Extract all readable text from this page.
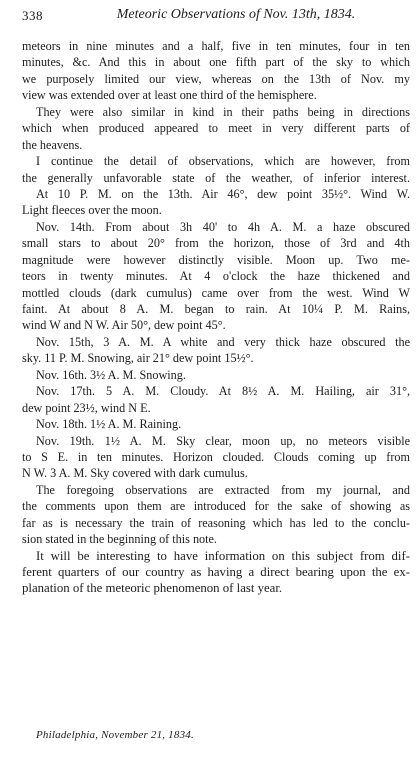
338	Meteoric Observations of Nov. 13th, 1834.
meteors in nine minutes and a half, five in ten minutes, four in ten
minutes, &c. And this in about one fifth part of the sky to which
we purposely limited our view, whereas on the 13th of Nov. my
view was extended over at least one third of the hemisphere.
They were also similar in kind in their paths being in directions
which when produced appeared to meet in very different parts of
the heavens.
I continue the detail of observations, which are however, from
the generally unfavorable state of the weather, of inferior interest.
At 10 P. M. on the 13th. Air 46°, dew point 35½°. Wind W.
Light fleeces over the moon.
Nov. 14th. From about 3h 40' to 4h A. M. a haze obscured
small stars to about 20° from the horizon, those of 3rd and 4th
magnitude were however distinctly visible. Moon up. Two me-
teors in twenty minutes. At 4 o'clock the haze thickened and
mottled clouds (dark cumulus) came over from the west. Wind W
faint. At about 8 A. M. began to rain. At 10¼ P. M. Rains,
wind W and N W. Air 50°, dew point 45°.
Nov. 15th, 3 A. M. A white and very thick haze obscured the
sky. 11 P. M. Snowing, air 21° dew point 15½°.
Nov. 16th. 3½ A. M. Snowing.
Nov. 17th. 5 A. M. Cloudy. At 8½ A. M. Hailing, air 31°,
dew point 23½, wind N E.
Nov. 18th. 1½ A. M. Raining.
Nov. 19th. 1½ A. M. Sky clear, moon up, no meteors visible
to S E. in ten minutes. Horizon clouded. Clouds coming up from
N W. 3 A. M. Sky covered with dark cumulus.
The foregoing observations are extracted from my journal, and
the comments upon them are introduced for the sake of showing as
far as is necessary the train of reasoning which has led to the conclu-
sion stated in the beginning of this note.
It will be interesting to have information on this subject from dif-
ferent quarters of our country as having a direct bearing upon the ex-
planation of the meteoric phenomenon of last year.
Philadelphia, November 21, 1834.
